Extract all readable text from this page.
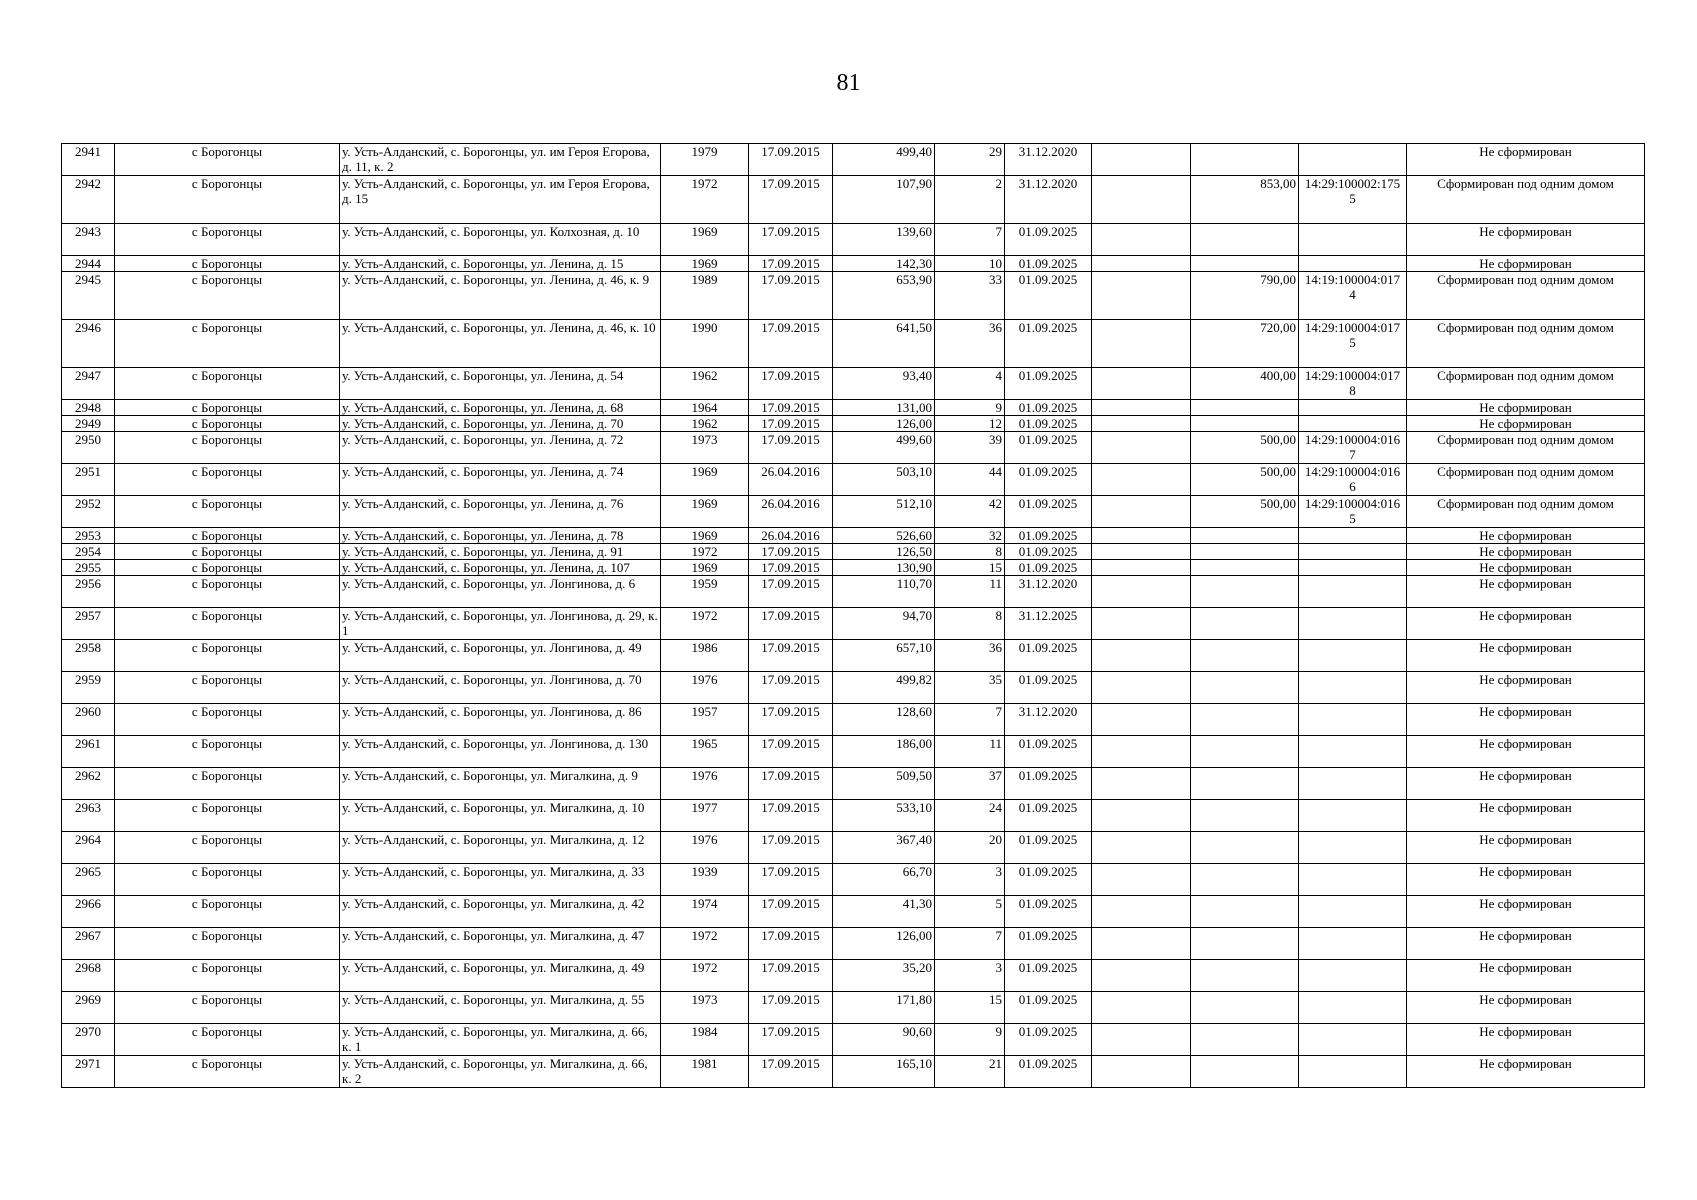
81
2941	с Борогонцы	у. Усть-Алданский, с. Борогонцы, ул. им Героя Егорова, д. 11, к. 2	1979	17.09.2015	499,40	29	31.12.2020				Не сформирован
2942	с Борогонцы	у. Усть-Алданский, с. Борогонцы, ул. им Героя Егорова, д. 15	1972	17.09.2015	107,90	2	31.12.2020		853,00	14:29:100002:175 5	Сформирован под одним домом
2943	с Борогонцы	у. Усть-Алданский, с. Борогонцы, ул. Колхозная, д. 10	1969	17.09.2015	139,60	7	01.09.2025				Не сформирован
2944	с Борогонцы	у. Усть-Алданский, с. Борогонцы, ул. Ленина, д. 15	1969	17.09.2015	142,30	10	01.09.2025				Не сформирован
2945	с Борогонцы	у. Усть-Алданский, с. Борогонцы, ул. Ленина, д. 46, к. 9	1989	17.09.2015	653,90	33	01.09.2025		790,00	14:19:100004:017 4	Сформирован под одним домом
2946	с Борогонцы	у. Усть-Алданский, с. Борогонцы, ул. Ленина, д. 46, к. 10	1990	17.09.2015	641,50	36	01.09.2025		720,00	14:29:100004:017 5	Сформирован под одним домом
2947	с Борогонцы	у. Усть-Алданский, с. Борогонцы, ул. Ленина, д. 54	1962	17.09.2015	93,40	4	01.09.2025		400,00	14:29:100004:017 8	Сформирован под одним домом
2948	с Борогонцы	у. Усть-Алданский, с. Борогонцы, ул. Ленина, д. 68	1964	17.09.2015	131,00	9	01.09.2025				Не сформирован
2949	с Борогонцы	у. Усть-Алданский, с. Борогонцы, ул. Ленина, д. 70	1962	17.09.2015	126,00	12	01.09.2025				Не сформирован
2950	с Борогонцы	у. Усть-Алданский, с. Борогонцы, ул. Ленина, д. 72	1973	17.09.2015	499,60	39	01.09.2025		500,00	14:29:100004:016 7	Сформирован под одним домом
2951	с Борогонцы	у. Усть-Алданский, с. Борогонцы, ул. Ленина, д. 74	1969	26.04.2016	503,10	44	01.09.2025		500,00	14:29:100004:016 6	Сформирован под одним домом
2952	с Борогонцы	у. Усть-Алданский, с. Борогонцы, ул. Ленина, д. 76	1969	26.04.2016	512,10	42	01.09.2025		500,00	14:29:100004:016 5	Сформирован под одним домом
2953	с Борогонцы	у. Усть-Алданский, с. Борогонцы, ул. Ленина, д. 78	1969	26.04.2016	526,60	32	01.09.2025				Не сформирован
2954	с Борогонцы	у. Усть-Алданский, с. Борогонцы, ул. Ленина, д. 91	1972	17.09.2015	126,50	8	01.09.2025				Не сформирован
2955	с Борогонцы	у. Усть-Алданский, с. Борогонцы, ул. Ленина, д. 107	1969	17.09.2015	130,90	15	01.09.2025				Не сформирован
2956	с Борогонцы	у. Усть-Алданский, с. Борогонцы, ул. Лонгинова, д. 6	1959	17.09.2015	110,70	11	31.12.2020				Не сформирован
2957	с Борогонцы	у. Усть-Алданский, с. Борогонцы, ул. Лонгинова, д. 29, к. 1	1972	17.09.2015	94,70	8	31.12.2025				Не сформирован
2958	с Борогонцы	у. Усть-Алданский, с. Борогонцы, ул. Лонгинова, д. 49	1986	17.09.2015	657,10	36	01.09.2025				Не сформирован
2959	с Борогонцы	у. Усть-Алданский, с. Борогонцы, ул. Лонгинова, д. 70	1976	17.09.2015	499,82	35	01.09.2025				Не сформирован
2960	с Борогонцы	у. Усть-Алданский, с. Борогонцы, ул. Лонгинова, д. 86	1957	17.09.2015	128,60	7	31.12.2020				Не сформирован
2961	с Борогонцы	у. Усть-Алданский, с. Борогонцы, ул. Лонгинова, д. 130	1965	17.09.2015	186,00	11	01.09.2025				Не сформирован
2962	с Борогонцы	у. Усть-Алданский, с. Борогонцы, ул. Мигалкина, д. 9	1976	17.09.2015	509,50	37	01.09.2025				Не сформирован
2963	с Борогонцы	у. Усть-Алданский, с. Борогонцы, ул. Мигалкина, д. 10	1977	17.09.2015	533,10	24	01.09.2025				Не сформирован
2964	с Борогонцы	у. Усть-Алданский, с. Борогонцы, ул. Мигалкина, д. 12	1976	17.09.2015	367,40	20	01.09.2025				Не сформирован
2965	с Борогонцы	у. Усть-Алданский, с. Борогонцы, ул. Мигалкина, д. 33	1939	17.09.2015	66,70	3	01.09.2025				Не сформирован
2966	с Борогонцы	у. Усть-Алданский, с. Борогонцы, ул. Мигалкина, д. 42	1974	17.09.2015	41,30	5	01.09.2025				Не сформирован
2967	с Борогонцы	у. Усть-Алданский, с. Борогонцы, ул. Мигалкина, д. 47	1972	17.09.2015	126,00	7	01.09.2025				Не сформирован
2968	с Борогонцы	у. Усть-Алданский, с. Борогонцы, ул. Мигалкина, д. 49	1972	17.09.2015	35,20	3	01.09.2025				Не сформирован
2969	с Борогонцы	у. Усть-Алданский, с. Борогонцы, ул. Мигалкина, д. 55	1973	17.09.2015	171,80	15	01.09.2025				Не сформирован
2970	с Борогонцы	у. Усть-Алданский, с. Борогонцы, ул. Мигалкина, д. 66, к. 1	1984	17.09.2015	90,60	9	01.09.2025				Не сформирован
2971	с Борогонцы	у. Усть-Алданский, с. Борогонцы, ул. Мигалкина, д. 66, к. 2	1981	17.09.2015	165,10	21	01.09.2025				Не сформирован
